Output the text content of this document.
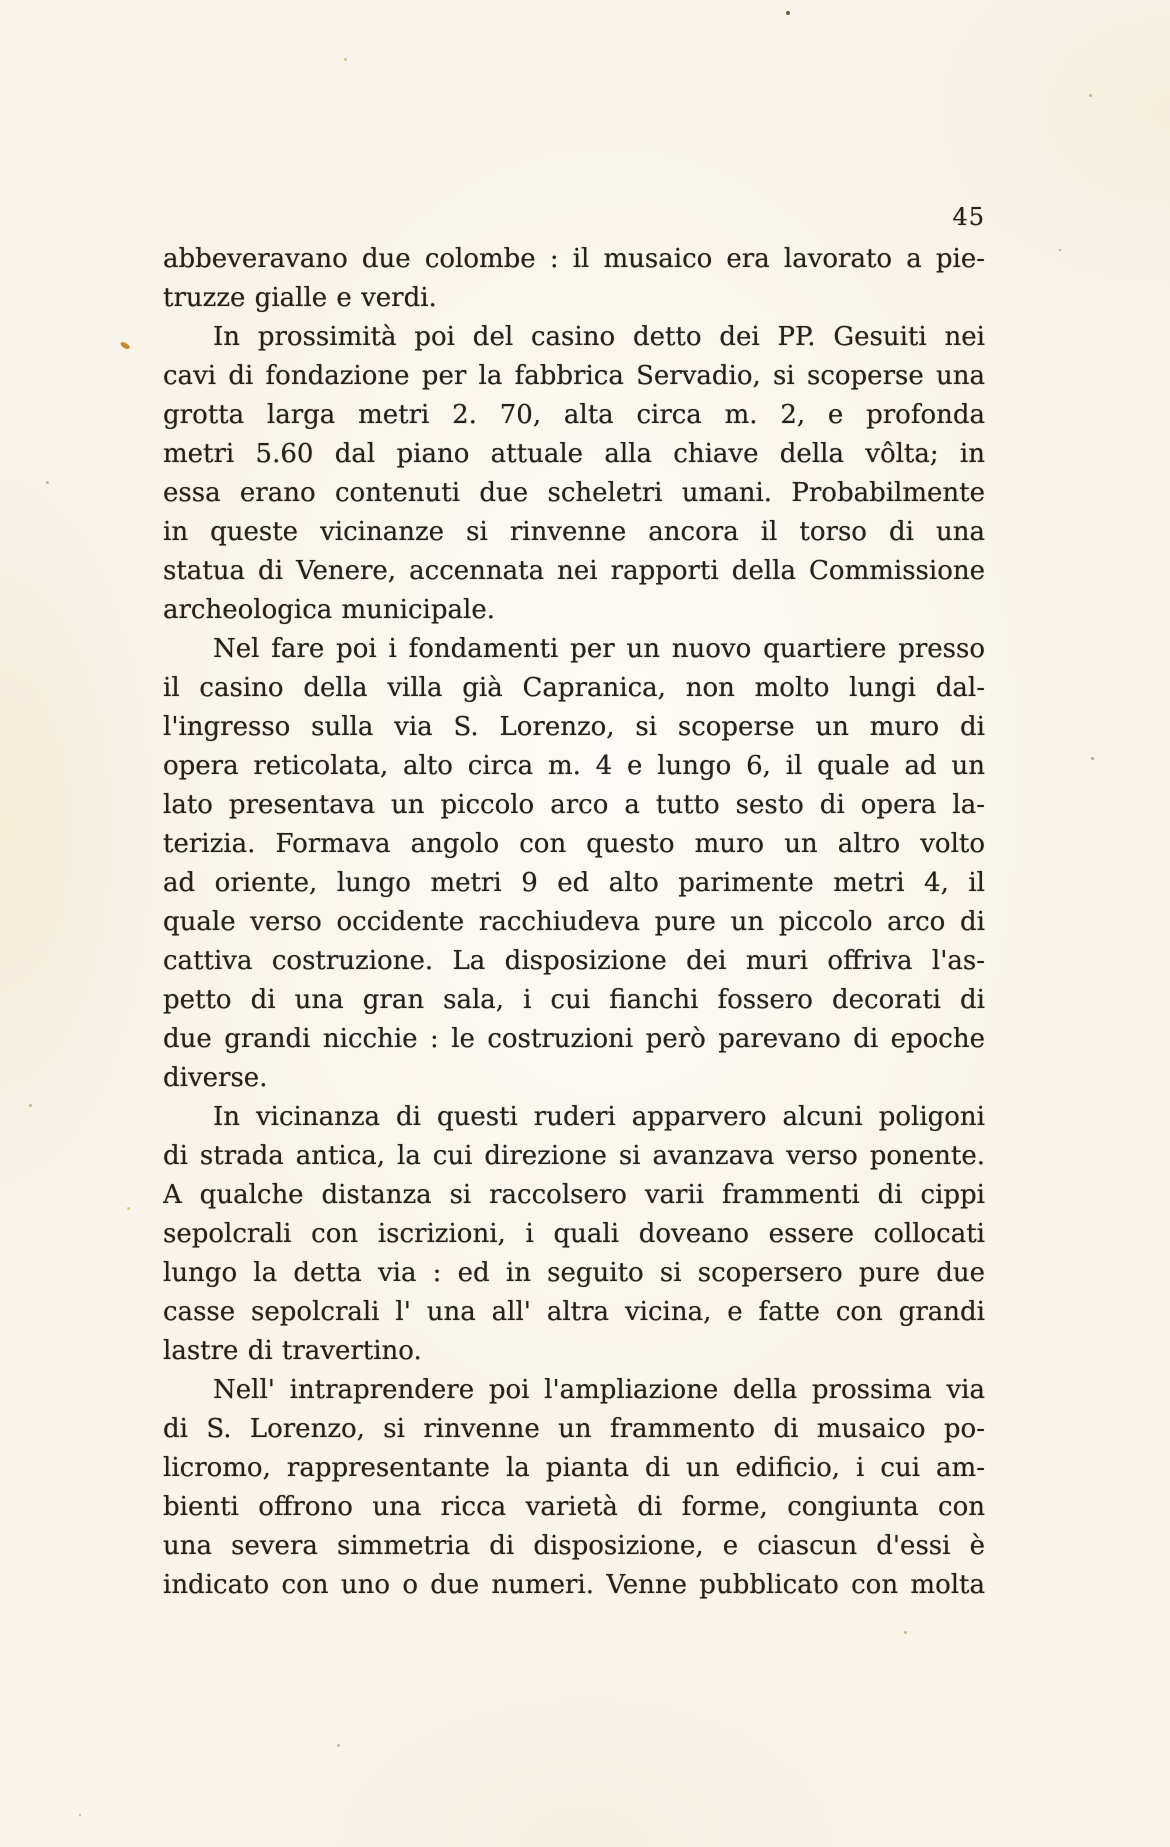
45
abbeveravano due colombe : il musaico era lavorato a pie-
truzze gialle e verdi.
In prossimità poi del casino detto dei PP. Gesuiti nei
cavi di fondazione per la fabbrica Servadio, si scoperse una
grotta larga metri 2. 70, alta circa m. 2, e profonda
metri 5.60 dal piano attuale alla chiave della vôlta; in
essa erano contenuti due scheletri umani. Probabilmente
in queste vicinanze si rinvenne ancora il torso di una
statua di Venere, accennata nei rapporti della Commissione
archeologica municipale.
Nel fare poi i fondamenti per un nuovo quartiere presso
il casino della villa già Capranica, non molto lungi dal-
l'ingresso sulla via S. Lorenzo, si scoperse un muro di
opera reticolata, alto circa m. 4 e lungo 6, il quale ad un
lato presentava un piccolo arco a tutto sesto di opera la-
terizia. Formava angolo con questo muro un altro volto
ad oriente, lungo metri 9 ed alto parimente metri 4, il
quale verso occidente racchiudeva pure un piccolo arco di
cattiva costruzione. La disposizione dei muri offriva l'as-
petto di una gran sala, i cui fianchi fossero decorati di
due grandi nicchie : le costruzioni però parevano di epoche
diverse.
In vicinanza di questi ruderi apparvero alcuni poligoni
di strada antica, la cui direzione si avanzava verso ponente.
A qualche distanza si raccolsero varii frammenti di cippi
sepolcrali con iscrizioni, i quali doveano essere collocati
lungo la detta via : ed in seguito si scopersero pure due
casse sepolcrali l' una all' altra vicina, e fatte con grandi
lastre di travertino.
Nell' intraprendere poi l'ampliazione della prossima via
di S. Lorenzo, si rinvenne un frammento di musaico po-
licromo, rappresentante la pianta di un edificio, i cui am-
bienti offrono una ricca varietà di forme, congiunta con
una severa simmetria di disposizione, e ciascun d'essi è
indicato con uno o due numeri. Venne pubblicato con molta
